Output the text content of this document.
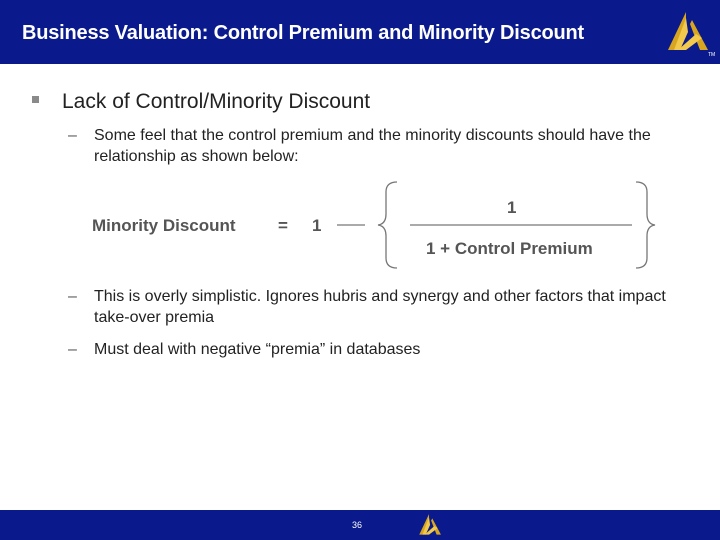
Business Valuation: Control Premium and Minority Discount
TM
Lack of Control/Minority Discount
–	Some feel that the control premium and the minority discounts should have the relationship as shown below:
Minority Discount = 1
1
1 + Control Premium
–	This is overly simplistic. Ignores hubris and synergy and other factors that impact take-over premia
–	Must deal with negative “premia” in databases
36
